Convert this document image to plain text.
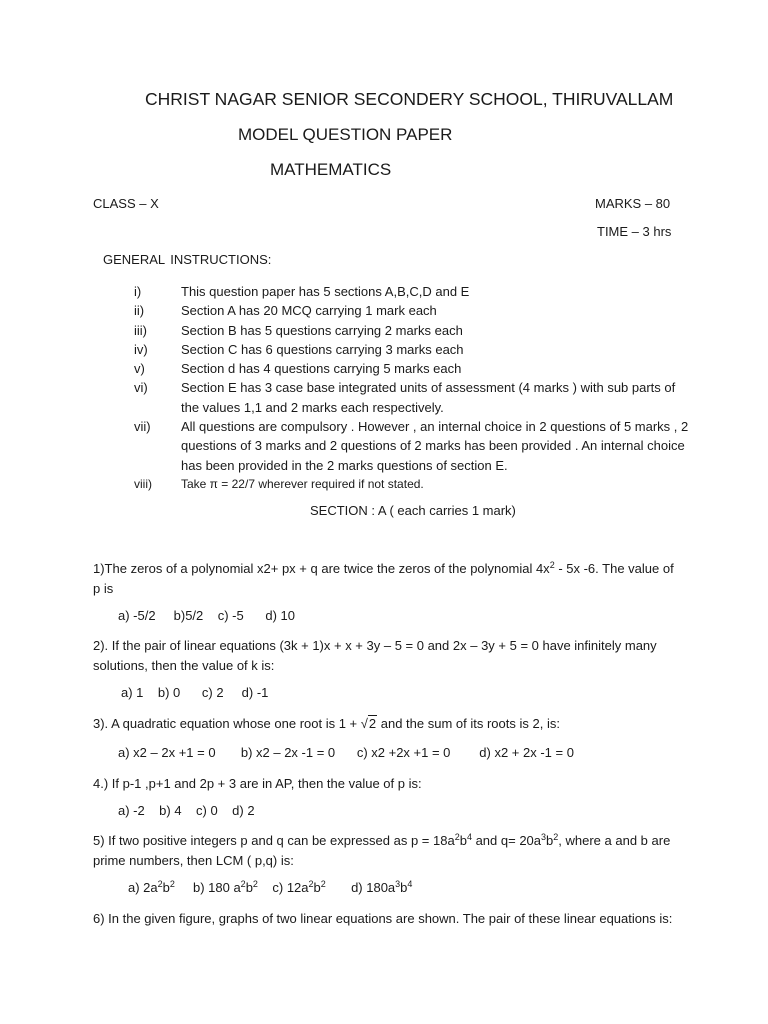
CHRIST NAGAR SENIOR SECONDERY SCHOOL, THIRUVALLAM
MODEL QUESTION PAPER
MATHEMATICS
CLASS – X	MARKS – 80
TIME – 3 hrs
GENERAL INSTRUCTIONS:
i)	This question paper has 5 sections A,B,C,D and E
ii)	Section A has 20 MCQ carrying 1 mark each
iii)	Section B has 5 questions carrying 2 marks each
iv)	Section C has 6 questions carrying 3 marks each
v)	Section d has 4 questions carrying 5 marks each
vi)	Section E has 3 case base integrated units of assessment (4 marks ) with sub parts of the values 1,1 and 2 marks each respectively.
vii)	All questions are compulsory . However , an internal choice in 2 questions of 5 marks , 2 questions of 3 marks and 2 questions of 2 marks has been provided . An internal choice has been provided in the 2 marks questions of section E.
viii)	Take π = 22/7 wherever required if not stated.
SECTION : A ( each carries 1 mark)
1)The zeros of a polynomial x2+ px + q are twice the zeros of the polynomial $4x^2 - 5x$ -6. The value of p is
a) -5/2     b)5/2    c) -5      d) 10
2). If the pair of linear equations (3k + 1)x + x + 3y – 5 = 0 and 2x – 3y + 5 = 0 have infinitely many solutions, then the value of k is:
a) 1    b) 0      c) 2     d) -1
3). A quadratic equation whose one root is 1 + √2 and the sum of its roots is 2, is:
a) x2 – 2x +1 = 0       b) x2 – 2x -1 = 0      c) x2 +2x +1 = 0        d) x2 + 2x -1 = 0
4.) If p-1 ,p+1 and 2p + 3 are in AP, then the value of p is:
a) -2    b) 4    c) 0    d) 2
5) If two positive integers p and q can be expressed as $p = 18a^2b^4$ and $q= 20a^3b^2$, where a and b are prime numbers, then LCM ( p,q) is:
a) $2a^2b^2$     b) 180 $a^2b^2$    c) $12a^2b^2$       d) $180a^3b^4$
6) In the given figure, graphs of two linear equations are shown. The pair of these linear equations is:
